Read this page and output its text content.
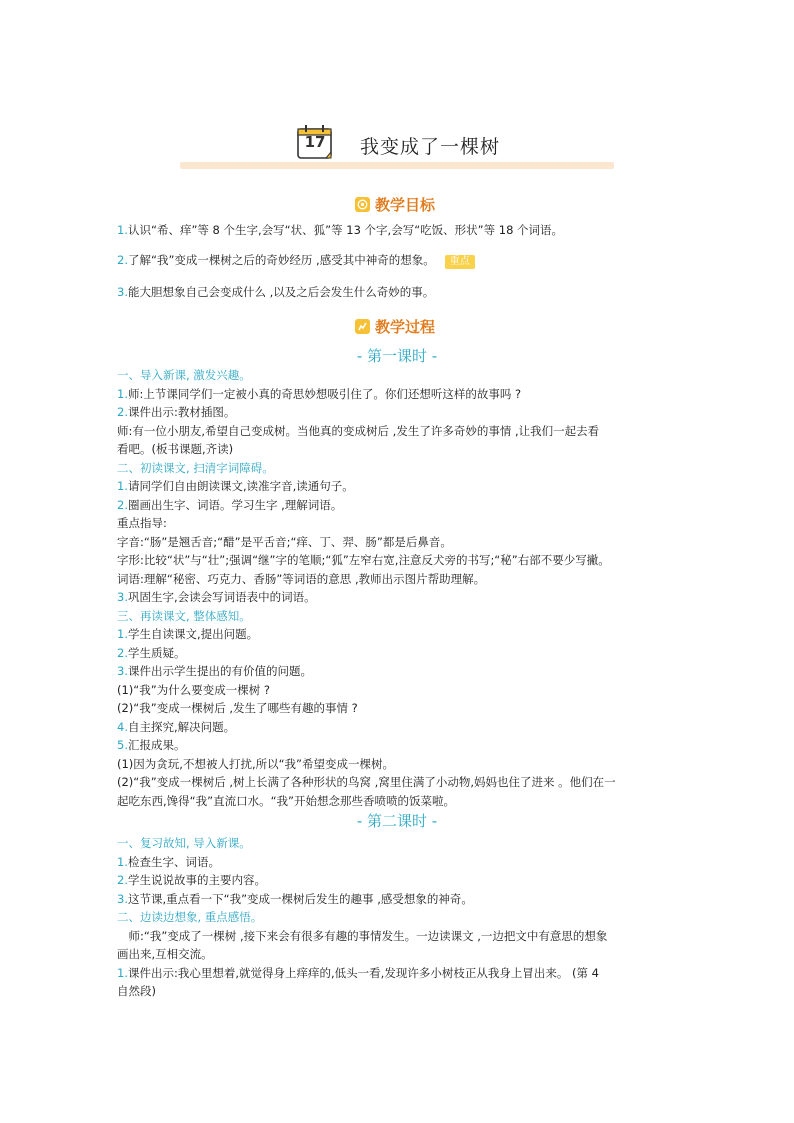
17	我变成了一棵树
教学目标
1.认识“希、痒”等 8 个生字,会写“状、狐”等 13 个字,会写“吃饭、形状”等 18 个词语。
2.了解“我”变成一棵树之后的奇妙经历 ,感受其中神奇的想象。 重点
3.能大胆想象自己会变成什么 ,以及之后会发生什么奇妙的事。
教学过程
- 第一课时 -
一、导入新课, 激发兴趣。
1.师:上节课同学们一定被小真的奇思妙想吸引住了。你们还想听这样的故事吗 ?
2.课件出示:教材插图。
师:有一位小朋友,希望自己变成树。当他真的变成树后 ,发生了许多奇妙的事情 ,让我们一起去看
看吧。(板书课题,齐读)
二、初读课文, 扫清字词障碍。
1.请同学们自由朗读课文,读准字音,读通句子。
2.圈画出生字、词语。学习生字 ,理解词语。
重点指导:
字音:“肠”是翘舌音;“醋”是平舌音;“痒、丁、羿、肠”都是后鼻音。
字形:比较“状”与“壮”;强调“继”字的笔顺;“狐”左窄右宽,注意反犬旁的书写;“秘”右部不要少写撇。
词语:理解“秘密、巧克力、香肠”等词语的意思 ,教师出示图片帮助理解。
3.巩固生字,会读会写词语表中的词语。
三、再读课文, 整体感知。
1.学生自读课文,提出问题。
2.学生质疑。
3.课件出示学生提出的有价值的问题。
(1)“我”为什么要变成一棵树 ?
(2)“我”变成一棵树后 ,发生了哪些有趣的事情 ?
4.自主探究,解决问题。
5.汇报成果。
(1)因为贪玩,不想被人打扰,所以“我”希望变成一棵树。
(2)“我”变成一棵树后 ,树上长满了各种形状的鸟窝 ,窝里住满了小动物,妈妈也住了进来 。他们在一
起吃东西,馋得“我”直流口水。“我”开始想念那些香喷喷的饭菜啦。
- 第二课时 -
一、复习故知, 导入新课。
1.检查生字、词语。
2.学生说说故事的主要内容。
3.这节课,重点看一下“我”变成一棵树后发生的趣事 ,感受想象的神奇。
二、边读边想象, 重点感悟。
　师:“我”变成了一棵树 ,接下来会有很多有趣的事情发生。一边读课文 ,一边把文中有意思的想象
画出来,互相交流。
1.课件出示:我心里想着,就觉得身上痒痒的,低头一看,发现许多小树枝正从我身上冒出来。 (第 4
自然段)
